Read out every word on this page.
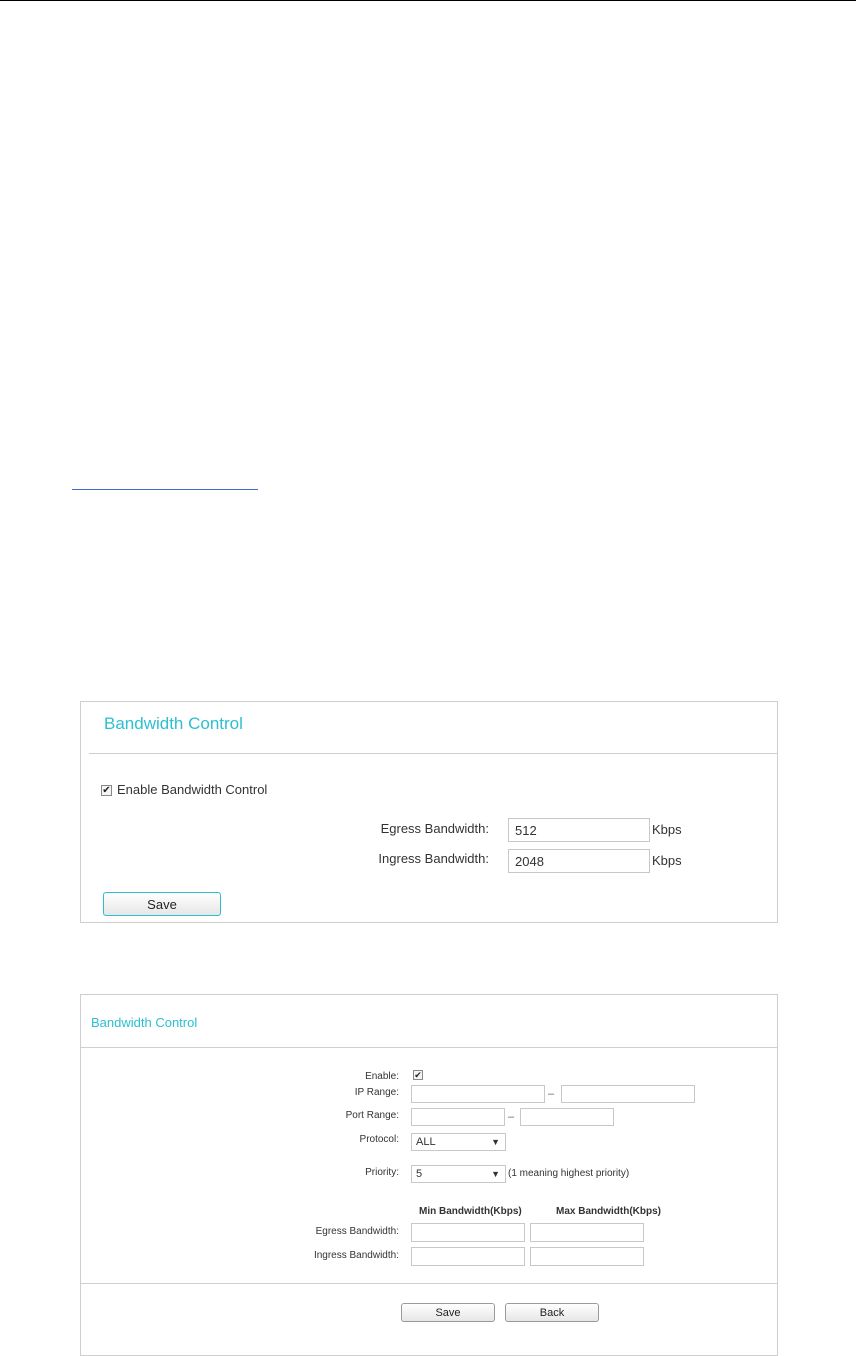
Bandwidth Control
✔ Enable Bandwidth Control
Egress Bandwidth:
512	Kbps
Ingress Bandwidth:
2048	Kbps
Save
Bandwidth Control
Enable: ✔
IP Range:	–
Port Range:	–
Protocol:	ALL	▼
Priority:	5	▼ (1 meaning highest priority)
Min Bandwidth(Kbps)	Max Bandwidth(Kbps)
Egress Bandwidth:
Ingress Bandwidth:
Save	Back
